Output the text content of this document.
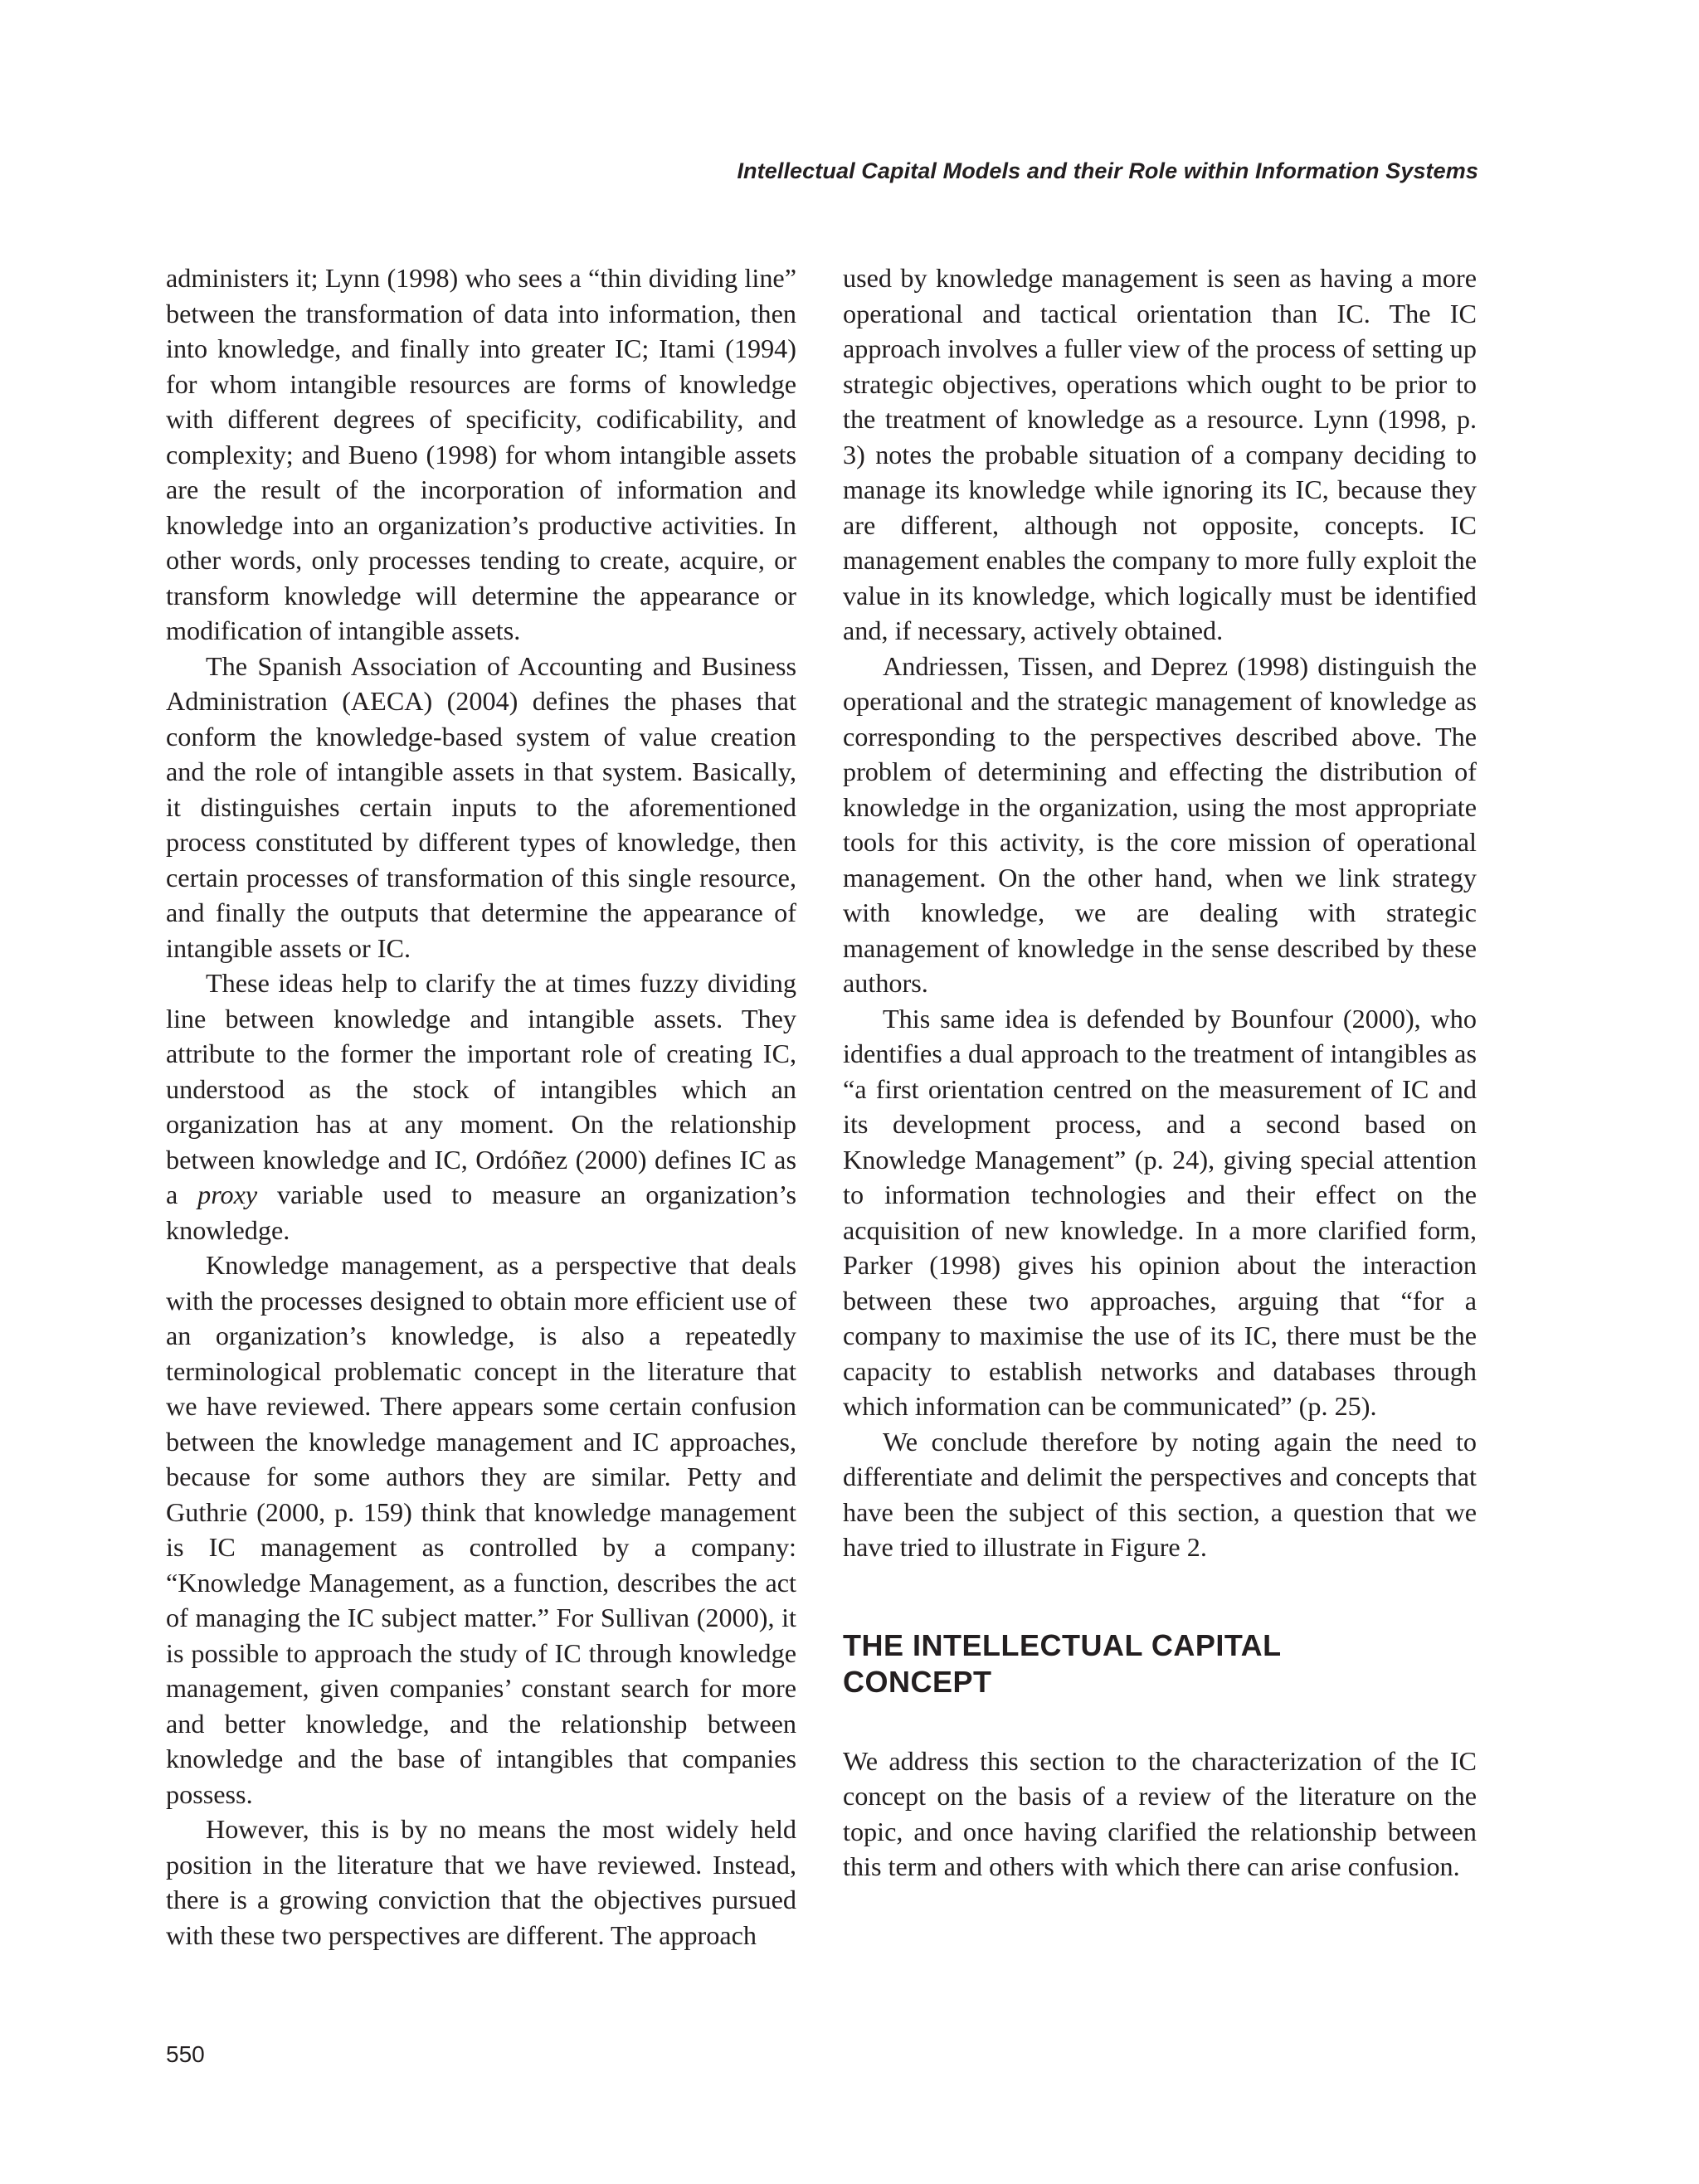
Intellectual Capital Models and their Role within Information Systems

administers it; Lynn (1998) who sees a “thin dividing line” between the transformation of data into information, then into knowledge, and finally into greater IC; Itami (1994) for whom intangible resources are forms of knowledge with different degrees of specificity, codificability, and complexity; and Bueno (1998) for whom intangible assets are the result of the incorporation of information and knowledge into an organization’s productive activities. In other words, only processes tending to create, acquire, or transform knowledge will determine the appearance or modification of intangible assets.

The Spanish Association of Accounting and Business Administration (AECA) (2004) defines the phases that conform the knowledge-based system of value creation and the role of intangible assets in that system. Basically, it distinguishes certain inputs to the aforementioned process constituted by different types of knowledge, then certain processes of transformation of this single resource, and finally the outputs that determine the appearance of intangible assets or IC.

These ideas help to clarify the at times fuzzy dividing line between knowledge and intangible assets. They attribute to the former the important role of creating IC, understood as the stock of intangibles which an organization has at any moment. On the relationship between knowledge and IC, Ordóñez (2000) defines IC as a proxy variable used to measure an organization’s knowledge.

Knowledge management, as a perspective that deals with the processes designed to obtain more efficient use of an organization’s knowledge, is also a repeatedly terminological problematic concept in the literature that we have reviewed. There appears some certain confusion between the knowledge management and IC approaches, because for some authors they are similar. Petty and Guthrie (2000, p. 159) think that knowledge management is IC management as controlled by a company: “Knowledge Management, as a function, describes the act of managing the IC subject matter.” For Sullivan (2000), it is possible to approach the study of IC through knowledge management, given companies’ constant search for more and better knowledge, and the relationship between knowledge and the base of intangibles that companies possess.

However, this is by no means the most widely held position in the literature that we have reviewed. Instead, there is a growing conviction that the objectives pursued with these two perspectives are different. The approach

used by knowledge management is seen as having a more operational and tactical orientation than IC. The IC approach involves a fuller view of the process of setting up strategic objectives, operations which ought to be prior to the treatment of knowledge as a resource. Lynn (1998, p. 3) notes the probable situation of a company deciding to manage its knowledge while ignoring its IC, because they are different, although not opposite, concepts. IC management enables the company to more fully exploit the value in its knowledge, which logically must be identified and, if necessary, actively obtained.

Andriessen, Tissen, and Deprez (1998) distinguish the operational and the strategic management of knowledge as corresponding to the perspectives described above. The problem of determining and effecting the distribution of knowledge in the organization, using the most appropriate tools for this activity, is the core mission of operational management. On the other hand, when we link strategy with knowledge, we are dealing with strategic management of knowledge in the sense described by these authors.

This same idea is defended by Bounfour (2000), who identifies a dual approach to the treatment of intangibles as “a first orientation centred on the measurement of IC and its development process, and a second based on Knowledge Management” (p. 24), giving special attention to information technologies and their effect on the acquisition of new knowledge. In a more clarified form, Parker (1998) gives his opinion about the interaction between these two approaches, arguing that “for a company to maximise the use of its IC, there must be the capacity to establish networks and databases through which information can be communicated” (p. 25).

We conclude therefore by noting again the need to differentiate and delimit the perspectives and concepts that have been the subject of this section, a question that we have tried to illustrate in Figure 2.

THE INTELLECTUAL CAPITAL
CONCEPT

We address this section to the characterization of the IC concept on the basis of a review of the literature on the topic, and once having clarified the relationship between this term and others with which there can arise confusion.

550
